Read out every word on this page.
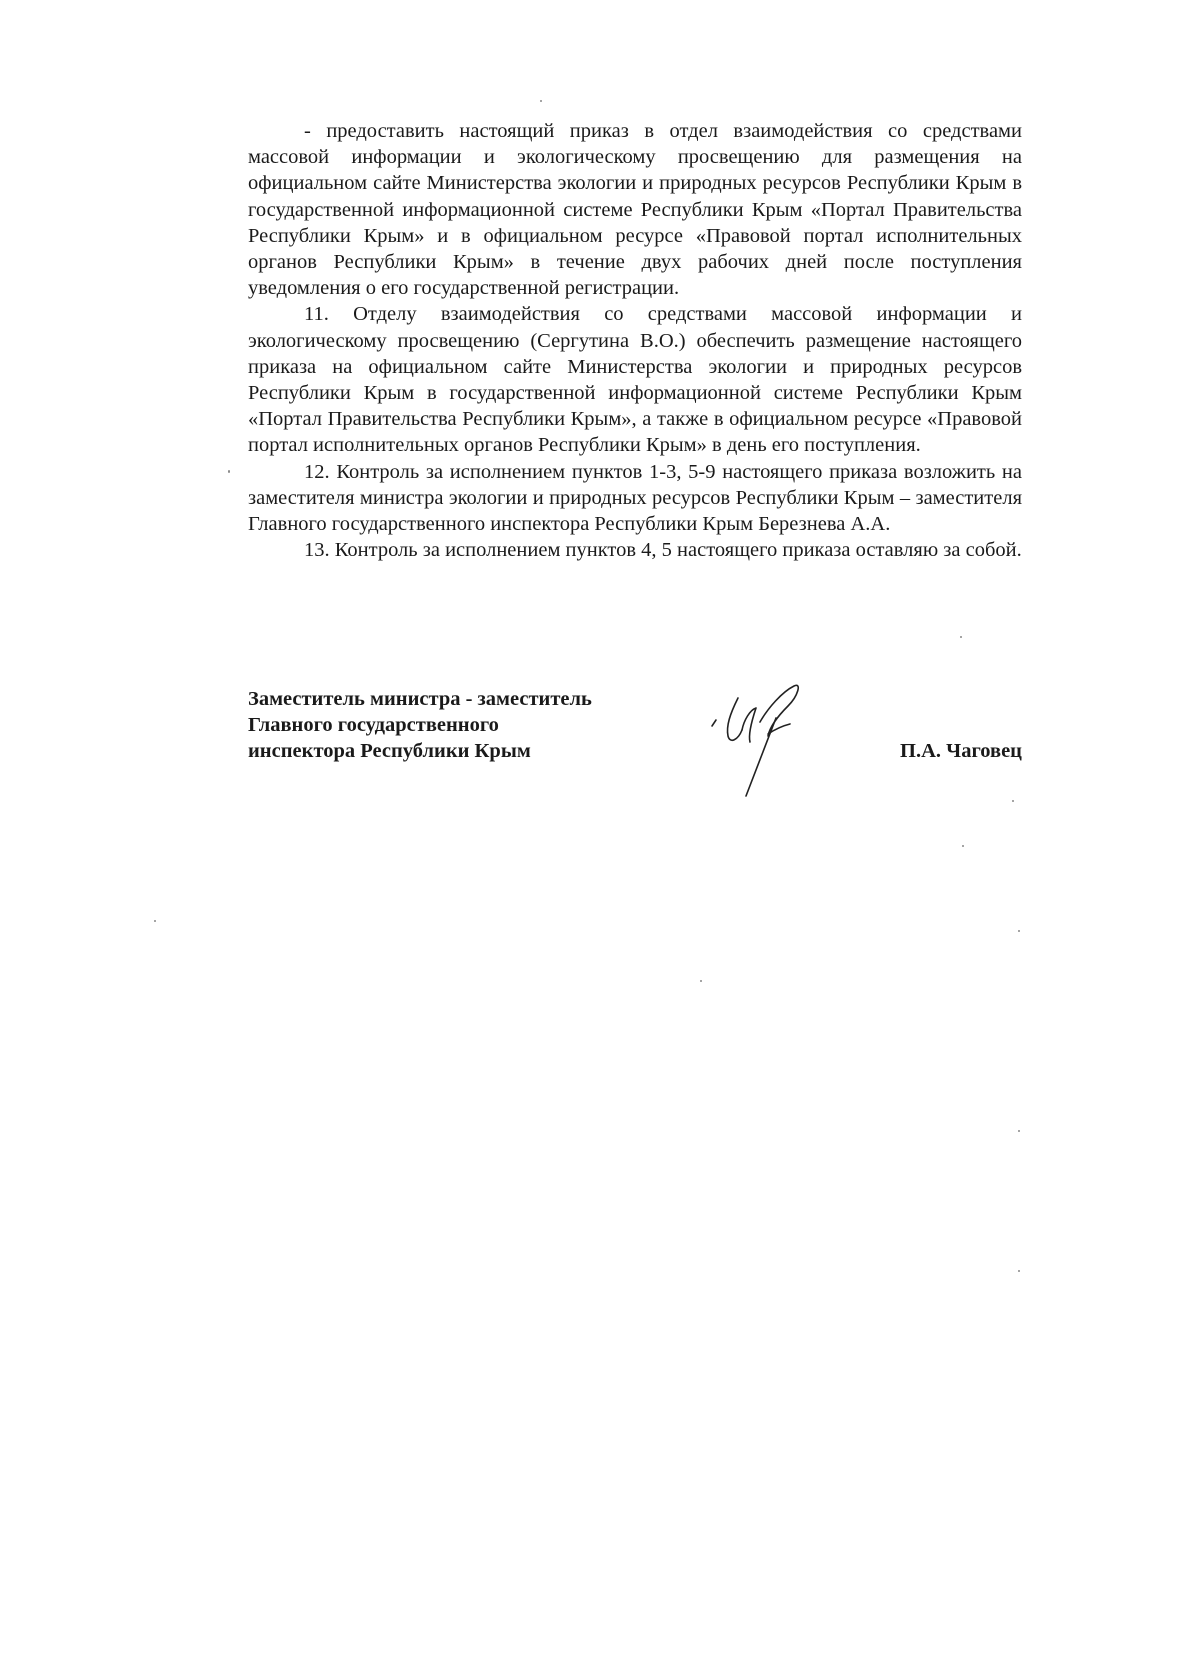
- предоставить настоящий приказ в отдел взаимодействия со средствами массовой информации и экологическому просвещению для размещения на официальном сайте Министерства экологии и природных ресурсов Республики Крым в государственной информационной системе Республики Крым «Портал Правительства Республики Крым» и в официальном ресурсе «Правовой портал исполнительных органов Республики Крым» в течение двух рабочих дней после поступления уведомления о его государственной регистрации.

11. Отделу взаимодействия со средствами массовой информации и экологическому просвещению (Сергутина В.О.) обеспечить размещение настоящего приказа на официальном сайте Министерства экологии и природных ресурсов Республики Крым в государственной информационной системе Республики Крым «Портал Правительства Республики Крым», а также в официальном ресурсе «Правовой портал исполнительных органов Республики Крым» в день его поступления.

12. Контроль за исполнением пунктов 1-3, 5-9 настоящего приказа возложить на заместителя министра экологии и природных ресурсов Республики Крым – заместителя Главного государственного инспектора Республики Крым Березнева А.А.

13. Контроль за исполнением пунктов 4, 5 настоящего приказа оставляю за собой.

Заместитель министра - заместитель
Главного государственного
инспектора Республики Крым	П.А. Чаговец
